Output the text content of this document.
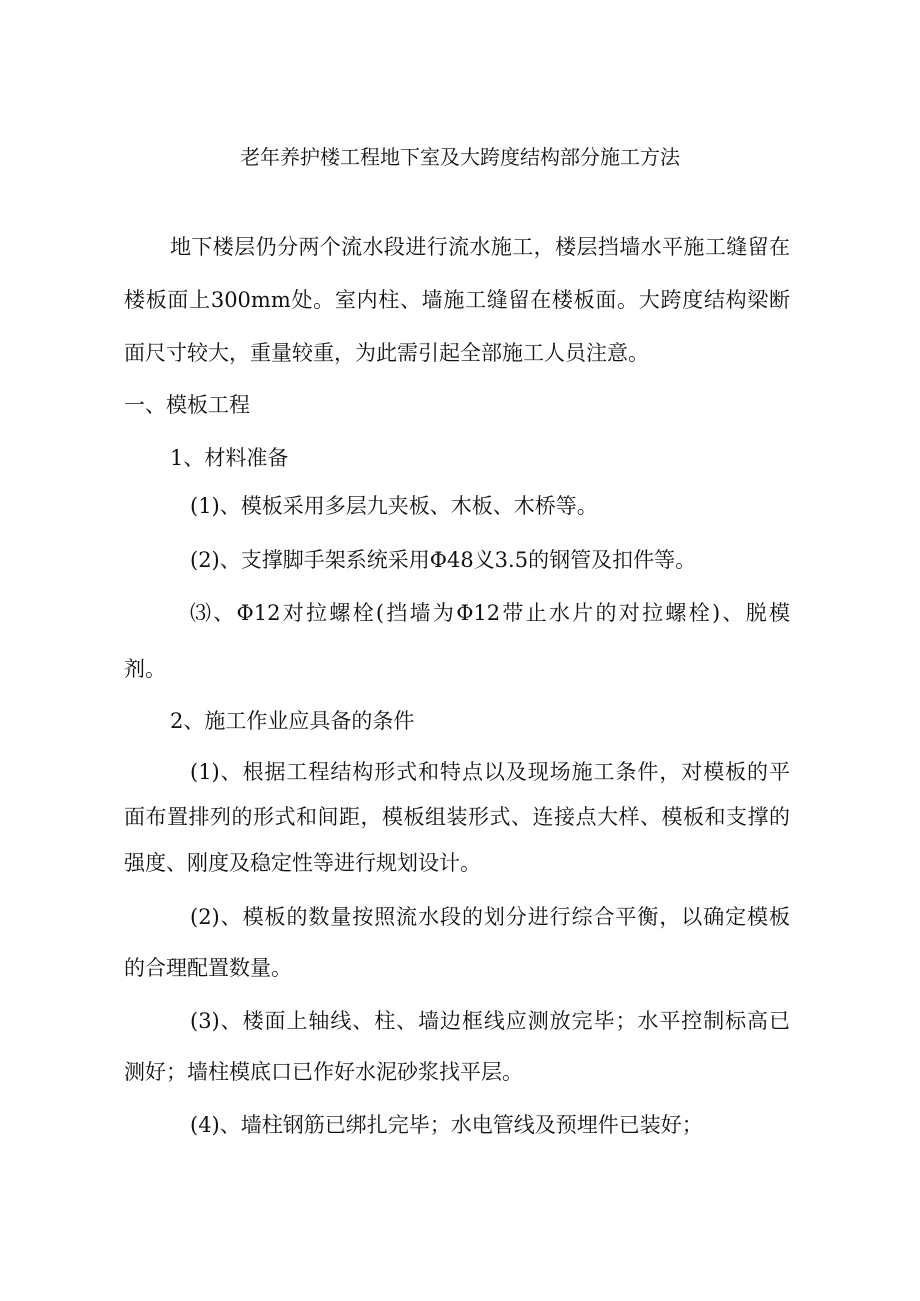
老年养护楼工程地下室及大跨度结构部分施工方法
地下楼层仍分两个流水段进行流水施工，楼层挡墙水平施工缝留在
楼板面上300mm处。室内柱、墙施工缝留在楼板面。大跨度结构梁断
面尺寸较大，重量较重，为此需引起全部施工人员注意。
一、模板工程
1、材料准备
(1)、模板采用多层九夹板、木板、木桥等。
(2)、支撑脚手架系统采用Φ48义3.5的钢管及扣件等。
⑶、Φ12对拉螺栓(挡墙为Φ12带止水片的对拉螺栓)、脱模
剂。
2、施工作业应具备的条件
(1)、根据工程结构形式和特点以及现场施工条件，对模板的平
面布置排列的形式和间距，模板组装形式、连接点大样、模板和支撑的
强度、刚度及稳定性等进行规划设计。
(2)、模板的数量按照流水段的划分进行综合平衡，以确定模板
的合理配置数量。
(3)、楼面上轴线、柱、墙边框线应测放完毕；水平控制标高已
测好；墙柱模底口已作好水泥砂浆找平层。
(4)、墙柱钢筋已绑扎完毕；水电管线及预埋件已装好；
